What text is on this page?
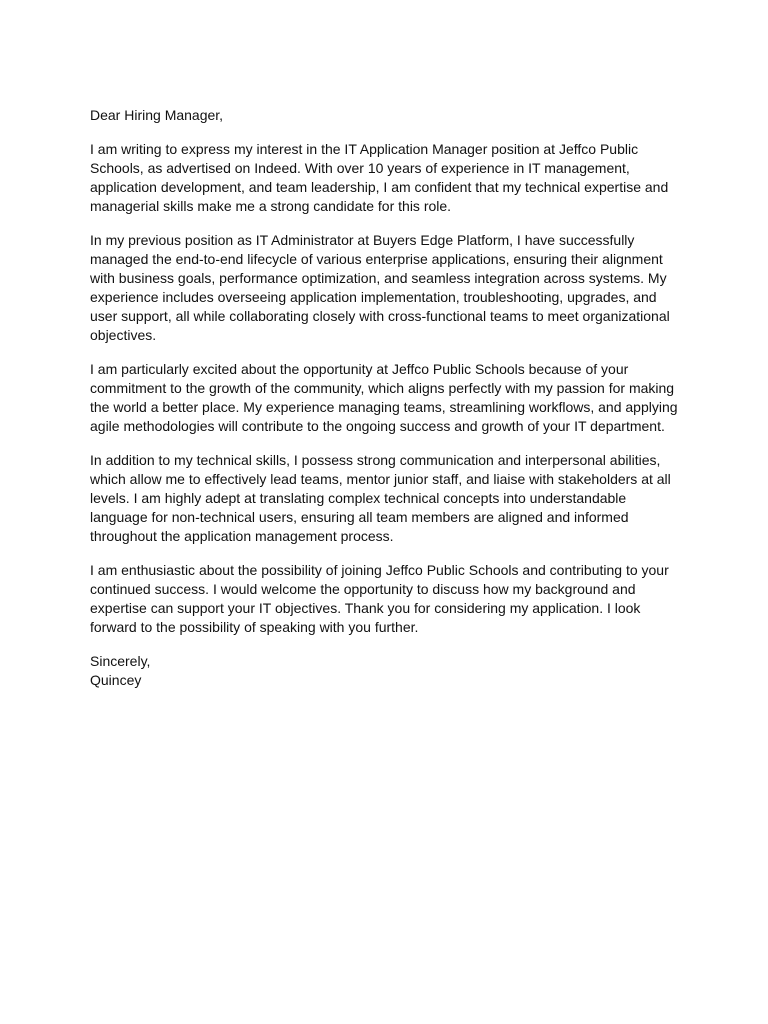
Dear Hiring Manager,
I am writing to express my interest in the IT Application Manager position at Jeffco Public
Schools, as advertised on Indeed. With over 10 years of experience in IT management,
application development, and team leadership, I am confident that my technical expertise and
managerial skills make me a strong candidate for this role.
In my previous position as IT Administrator at Buyers Edge Platform, I have successfully
managed the end-to-end lifecycle of various enterprise applications, ensuring their alignment
with business goals, performance optimization, and seamless integration across systems. My
experience includes overseeing application implementation, troubleshooting, upgrades, and
user support, all while collaborating closely with cross-functional teams to meet organizational
objectives.
I am particularly excited about the opportunity at Jeffco Public Schools because of your
commitment to the growth of the community, which aligns perfectly with my passion for making
the world a better place. My experience managing teams, streamlining workflows, and applying
agile methodologies will contribute to the ongoing success and growth of your IT department.
In addition to my technical skills, I possess strong communication and interpersonal abilities,
which allow me to effectively lead teams, mentor junior staff, and liaise with stakeholders at all
levels. I am highly adept at translating complex technical concepts into understandable
language for non-technical users, ensuring all team members are aligned and informed
throughout the application management process.
I am enthusiastic about the possibility of joining Jeffco Public Schools and contributing to your
continued success. I would welcome the opportunity to discuss how my background and
expertise can support your IT objectives. Thank you for considering my application. I look
forward to the possibility of speaking with you further.
Sincerely,
Quincey
